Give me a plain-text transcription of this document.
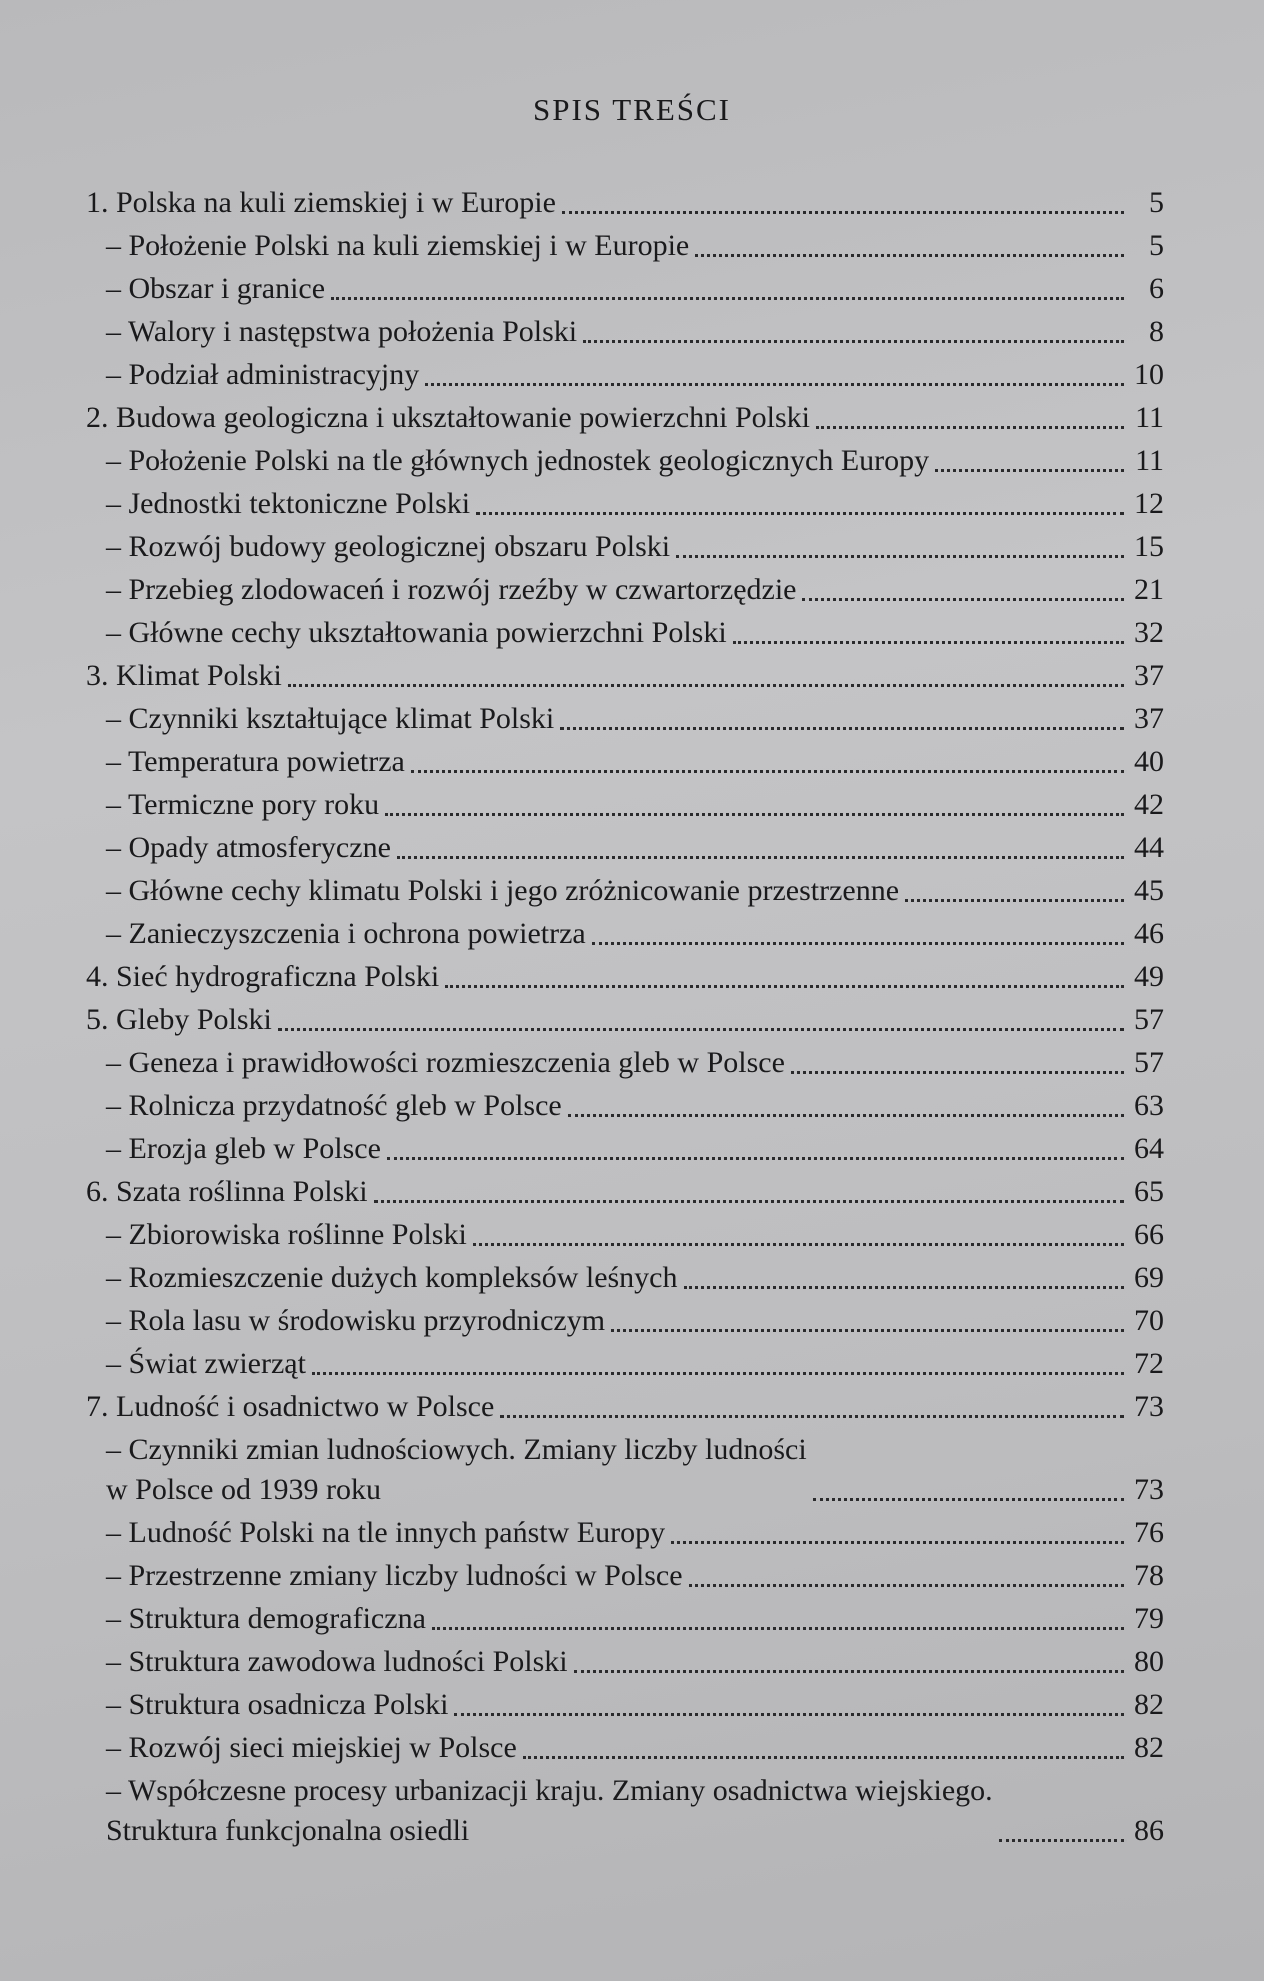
SPIS TREŚCI
1. Polska na kuli ziemskiej i w Europie	5
– Położenie Polski na kuli ziemskiej i w Europie	5
– Obszar i granice	6
– Walory i następstwa położenia Polski	8
– Podział administracyjny	10
2. Budowa geologiczna i ukształtowanie powierzchni Polski	11
– Położenie Polski na tle głównych jednostek geologicznych Europy	11
– Jednostki tektoniczne Polski	12
– Rozwój budowy geologicznej obszaru Polski	15
– Przebieg zlodowaceń i rozwój rzeźby w czwartorzędzie	21
– Główne cechy ukształtowania powierzchni Polski	32
3. Klimat Polski	37
– Czynniki kształtujące klimat Polski	37
– Temperatura powietrza	40
– Termiczne pory roku	42
– Opady atmosferyczne	44
– Główne cechy klimatu Polski i jego zróżnicowanie przestrzenne	45
– Zanieczyszczenia i ochrona powietrza	46
4. Sieć hydrograficzna Polski	49
5. Gleby Polski	57
– Geneza i prawidłowości rozmieszczenia gleb w Polsce	57
– Rolnicza przydatność gleb w Polsce	63
– Erozja gleb w Polsce	64
6. Szata roślinna Polski	65
– Zbiorowiska roślinne Polski	66
– Rozmieszczenie dużych kompleksów leśnych	69
– Rola lasu w środowisku przyrodniczym	70
– Świat zwierząt	72
7. Ludność i osadnictwo w Polsce	73
– Czynniki zmian ludnościowych. Zmiany liczby ludności
w Polsce od 1939 roku	73
– Ludność Polski na tle innych państw Europy	76
– Przestrzenne zmiany liczby ludności w Polsce	78
– Struktura demograficzna	79
– Struktura zawodowa ludności Polski	80
– Struktura osadnicza Polski	82
– Rozwój sieci miejskiej w Polsce	82
– Współczesne procesy urbanizacji kraju. Zmiany osadnictwa wiejskiego.
Struktura funkcjonalna osiedli	86
